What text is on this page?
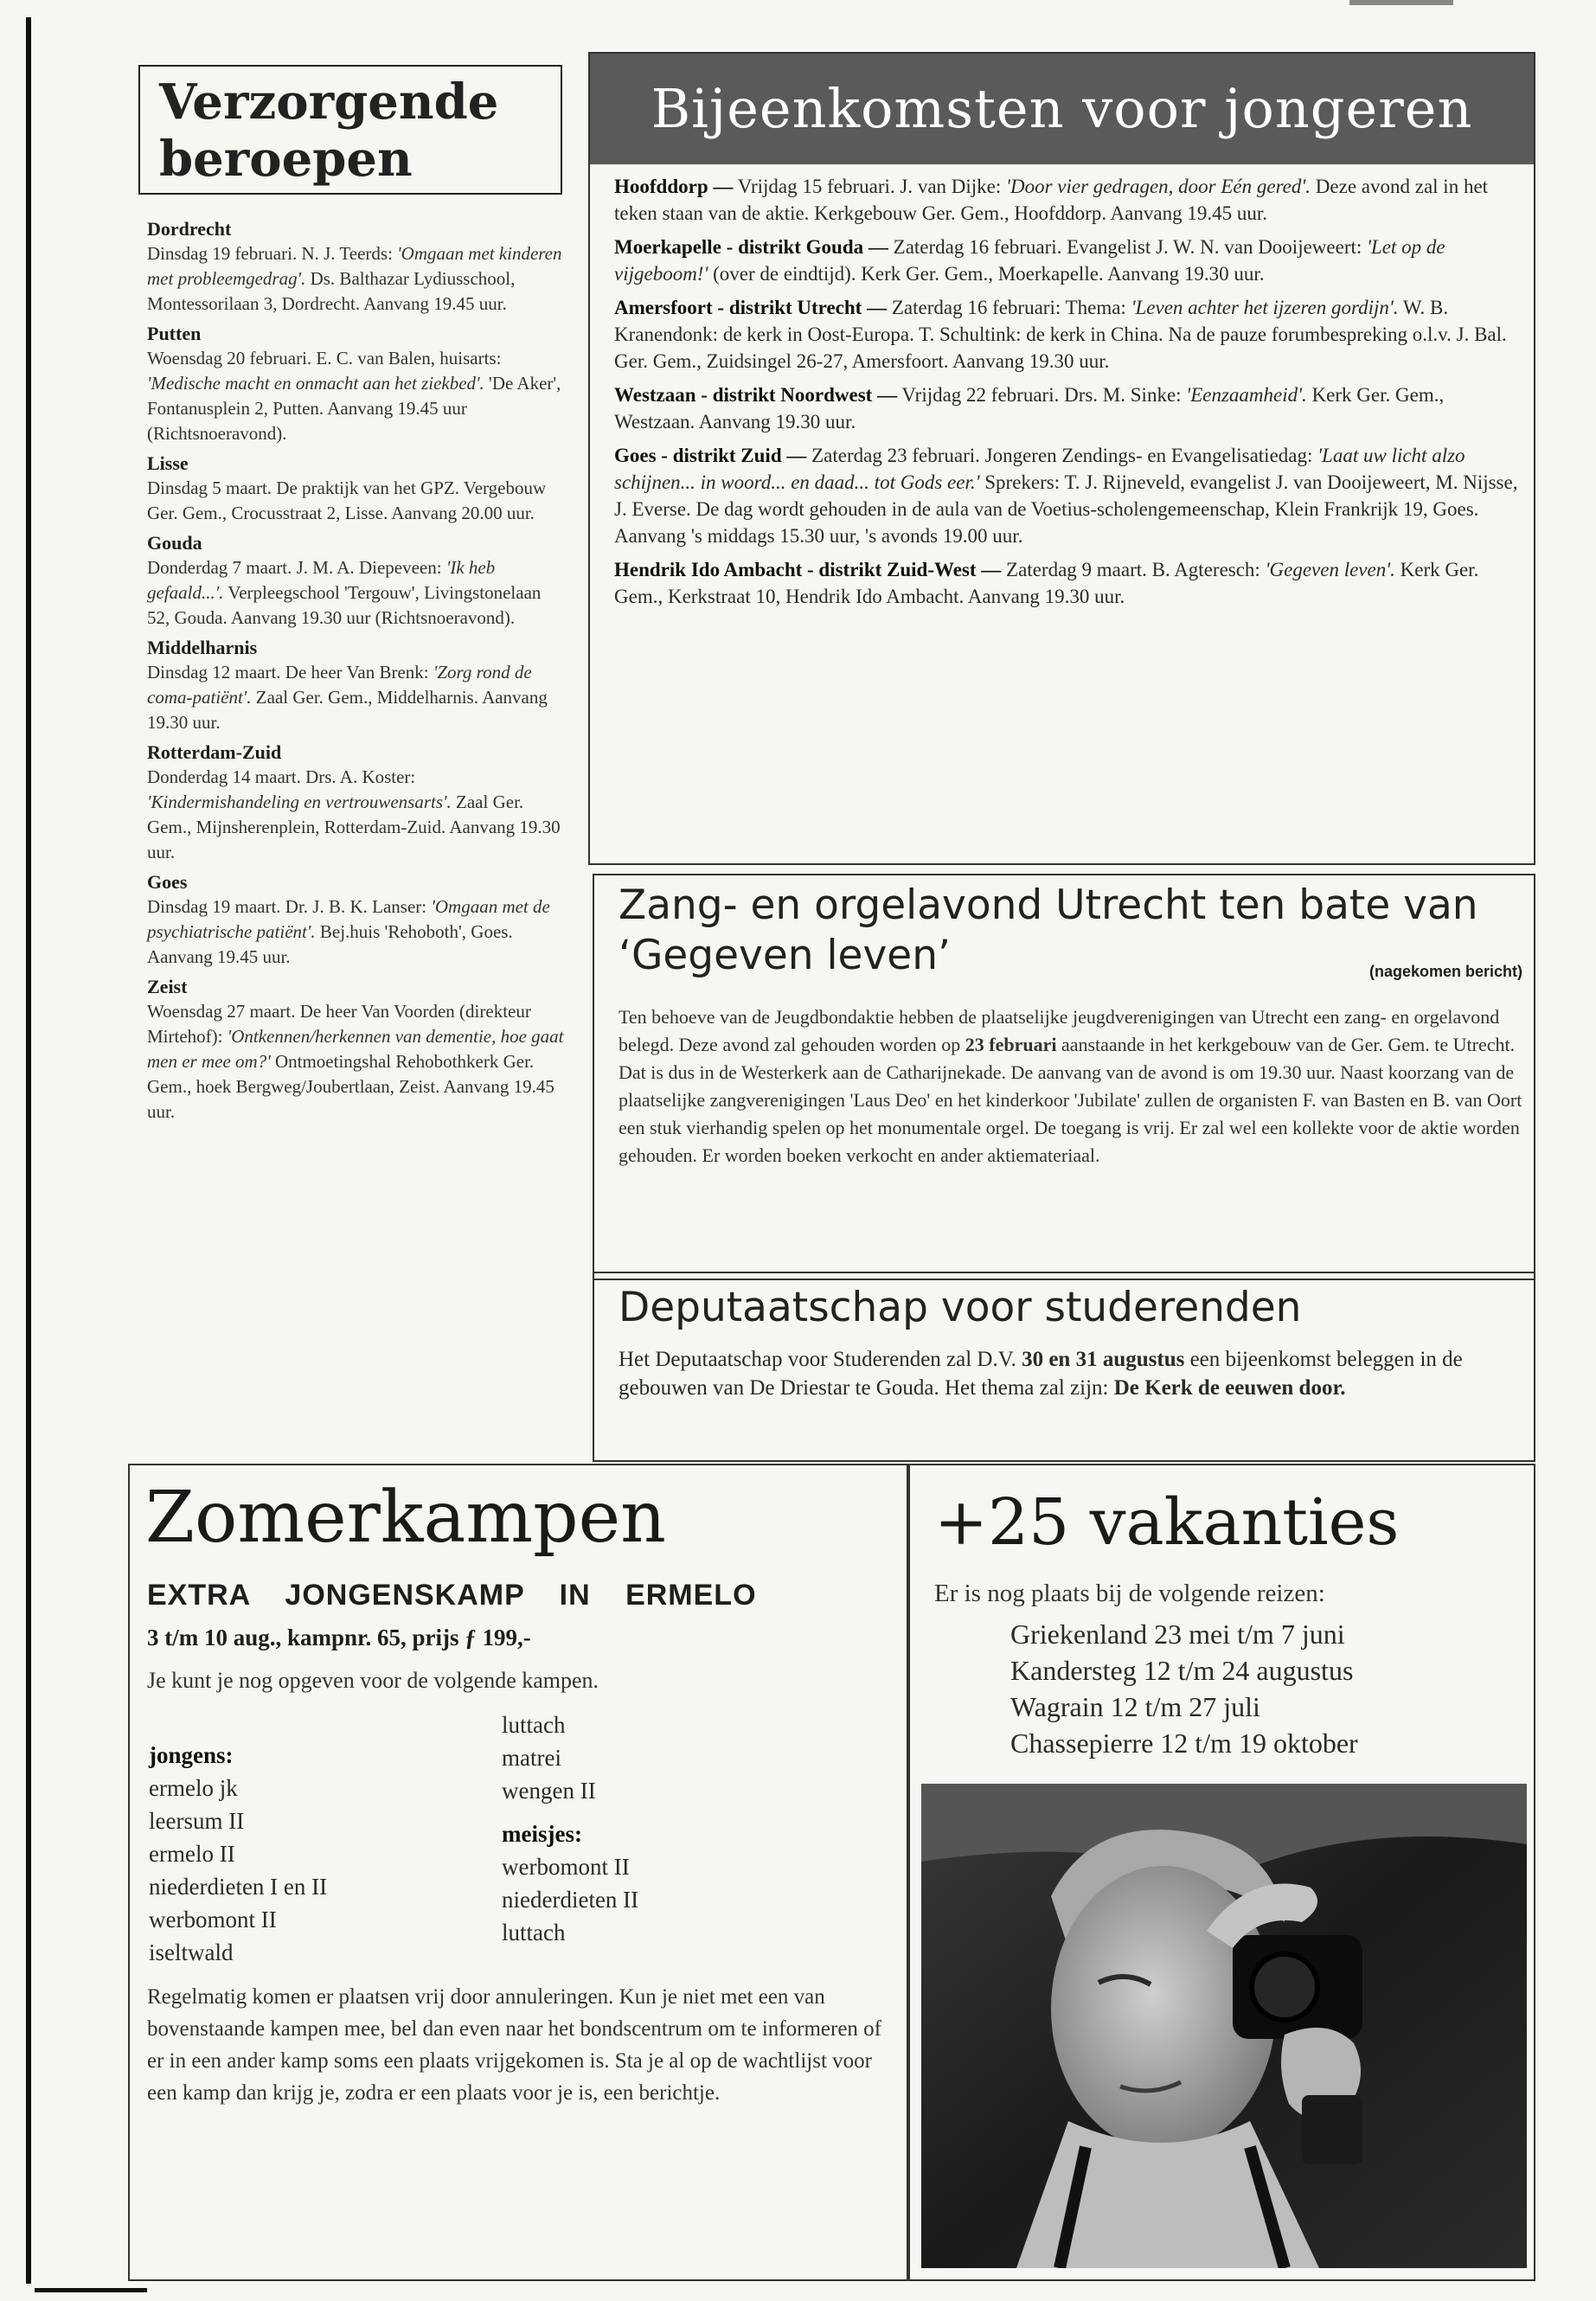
Verzorgende beroepen
Dordrecht
Dinsdag 19 februari. N. J. Teerds: 'Omgaan met kinderen met probleemgedrag'. Ds. Balthazar Lydiusschool, Montessorilaan 3, Dordrecht. Aanvang 19.45 uur.
Putten
Woensdag 20 februari. E. C. van Balen, huisarts: 'Medische macht en onmacht aan het ziekbed'. 'De Aker', Fontanusplein 2, Putten. Aanvang 19.45 uur (Richtsnoeravond).
Lisse
Dinsdag 5 maart. De praktijk van het GPZ. Vergebouw Ger. Gem., Crocusstraat 2, Lisse. Aanvang 20.00 uur.
Gouda
Donderdag 7 maart. J. M. A. Diepeveen: 'Ik heb gefaald...'. Verpleegschool 'Tergouw', Livingstonelaan 52, Gouda. Aanvang 19.30 uur (Richtsnoeravond).
Middelharnis
Dinsdag 12 maart. De heer Van Brenk: 'Zorg rond de coma-patiënt'. Zaal Ger. Gem., Middelharnis. Aanvang 19.30 uur.
Rotterdam-Zuid
Donderdag 14 maart. Drs. A. Koster: 'Kindermishandeling en vertrouwensarts'. Zaal Ger. Gem., Mijnsherenplein, Rotterdam-Zuid. Aanvang 19.30 uur.
Goes
Dinsdag 19 maart. Dr. J. B. K. Lanser: 'Omgaan met de psychiatrische patiënt'. Bej.huis 'Rehoboth', Goes. Aanvang 19.45 uur.
Zeist
Woensdag 27 maart. De heer Van Voorden (direkteur Mirtehof): 'Ontkennen/herkennen van dementie, hoe gaat men er mee om?' Ontmoetingshal Rehobothkerk Ger. Gem., hoek Bergweg/Joubertlaan, Zeist. Aanvang 19.45 uur.
Bijeenkomsten voor jongeren
Hoofddorp — Vrijdag 15 februari. J. van Dijke: 'Door vier gedragen, door Eén gered'. Deze avond zal in het teken staan van de aktie. Kerkgebouw Ger. Gem., Hoofddorp. Aanvang 19.45 uur.
Moerkapelle - distrikt Gouda — Zaterdag 16 februari. Evangelist J. W. N. van Dooijeweert: 'Let op de vijgeboom!' (over de eindtijd). Kerk Ger. Gem., Moerkapelle. Aanvang 19.30 uur.
Amersfoort - distrikt Utrecht — Zaterdag 16 februari: Thema: 'Leven achter het ijzeren gordijn'. W. B. Kranendonk: de kerk in Oost-Europa. T. Schultink: de kerk in China. Na de pauze forumbespreking o.l.v. J. Bal. Ger. Gem., Zuidsingel 26-27, Amersfoort. Aanvang 19.30 uur.
Westzaan - distrikt Noordwest — Vrijdag 22 februari. Drs. M. Sinke: 'Eenzaamheid'. Kerk Ger. Gem., Westzaan. Aanvang 19.30 uur.
Goes - distrikt Zuid — Zaterdag 23 februari. Jongeren Zendings- en Evangelisatiedag: 'Laat uw licht alzo schijnen... in woord... en daad... tot Gods eer.' Sprekers: T. J. Rijneveld, evangelist J. van Dooijeweert, M. Nijsse, J. Everse. De dag wordt gehouden in de aula van de Voetius-scholengemeenschap, Klein Frankrijk 19, Goes. Aanvang 's middags 15.30 uur, 's avonds 19.00 uur.
Hendrik Ido Ambacht - distrikt Zuid-West — Zaterdag 9 maart. B. Agteresch: 'Gegeven leven'. Kerk Ger. Gem., Kerkstraat 10, Hendrik Ido Ambacht. Aanvang 19.30 uur.
Zang- en orgelavond Utrecht ten bate van ‘Gegeven leven’	(nagekomen bericht)
Ten behoeve van de Jeugdbondaktie hebben de plaatselijke jeugdverenigingen van Utrecht een zang- en orgelavond belegd. Deze avond zal gehouden worden op 23 februari aanstaande in het kerkgebouw van de Ger. Gem. te Utrecht. Dat is dus in de Westerkerk aan de Catharijnekade. De aanvang van de avond is om 19.30 uur. Naast koorzang van de plaatselijke zangverenigingen 'Laus Deo' en het kinderkoor 'Jubilate' zullen de organisten F. van Basten en B. van Oort een stuk vierhandig spelen op het monumentale orgel. De toegang is vrij. Er zal wel een kollekte voor de aktie worden gehouden. Er worden boeken verkocht en ander aktiemateriaal.
Deputaatschap voor studerenden
Het Deputaatschap voor Studerenden zal D.V. 30 en 31 augustus een bijeenkomst beleggen in de gebouwen van De Driestar te Gouda. Het thema zal zijn: De Kerk de eeuwen door.
Zomerkampen
EXTRA JONGENSKAMP IN ERMELO
3 t/m 10 aug., kampnr. 65, prijs ƒ 199,-
Je kunt je nog opgeven voor de volgende kampen.
jongens:
ermelo jk
leersum II
ermelo II
niederdieten I en II
werbomont II
iseltwald
luttach
matrei
wengen II
meisjes:
werbomont II
niederdieten II
luttach
Regelmatig komen er plaatsen vrij door annuleringen. Kun je niet met een van bovenstaande kampen mee, bel dan even naar het bondscentrum om te informeren of er in een ander kamp soms een plaats vrijgekomen is. Sta je al op de wachtlijst voor een kamp dan krijg je, zodra er een plaats voor je is, een berichtje.
+25 vakanties
Er is nog plaats bij de volgende reizen:
Griekenland 23 mei t/m 7 juni
Kandersteg 12 t/m 24 augustus
Wagrain 12 t/m 27 juli
Chassepierre 12 t/m 19 oktober
